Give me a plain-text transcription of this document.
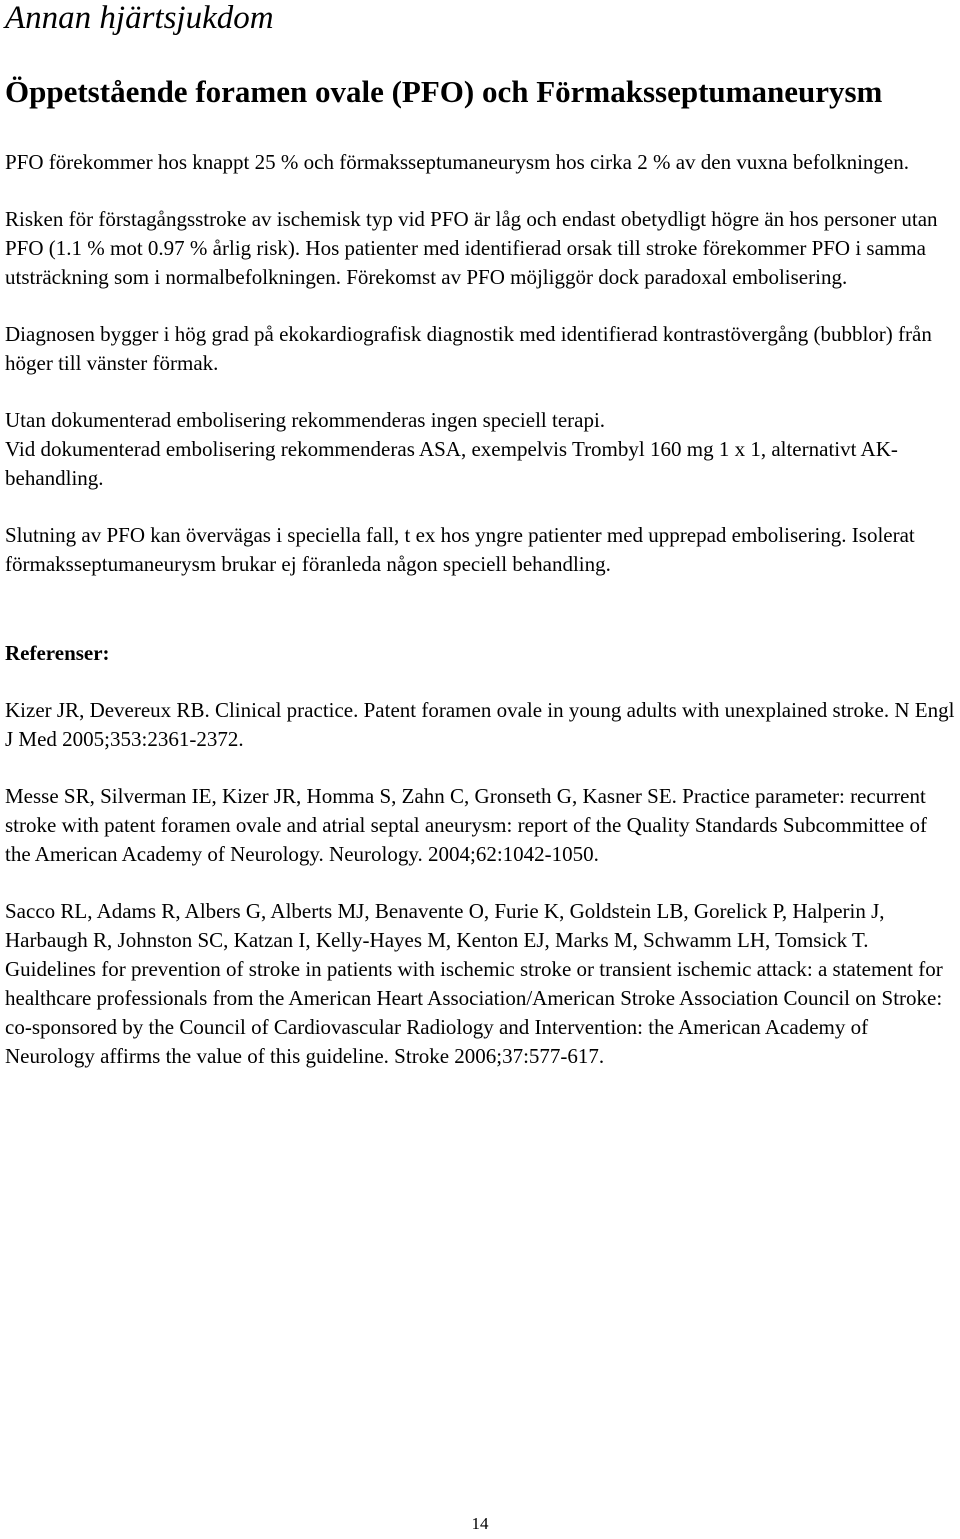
Annan hjärtsjukdom
Öppetstående foramen ovale (PFO) och Förmaksseptumaneurysm

PFO förekommer hos knappt 25 % och förmaksseptumaneurysm hos cirka 2 % av den vuxna befolkningen.

Risken för förstagångsstroke av ischemisk typ vid PFO är låg och endast obetydligt högre än hos personer utan PFO (1.1 % mot 0.97 % årlig risk). Hos patienter med identifierad orsak till stroke förekommer PFO i samma utsträckning som i normalbefolkningen. Förekomst av PFO möjliggör dock paradoxal embolisering.

Diagnosen bygger i hög grad på ekokardiografisk diagnostik med identifierad kontrastövergång (bubblor) från höger till vänster förmak.

Utan dokumenterad embolisering rekommenderas ingen speciell terapi.

Vid dokumenterad embolisering rekommenderas ASA, exempelvis Trombyl 160 mg 1 x 1, alternativt AK-behandling.

Slutning av PFO kan övervägas i speciella fall, t ex hos yngre patienter med upprepad embolisering. Isolerat förmaksseptumaneurysm brukar ej föranleda någon speciell behandling.

Referenser:

Kizer JR, Devereux RB. Clinical practice. Patent foramen ovale in young adults with unexplained stroke. N Engl J Med 2005;353:2361-2372.

Messe SR, Silverman IE, Kizer JR, Homma S, Zahn C, Gronseth G, Kasner SE. Practice parameter: recurrent stroke with patent foramen ovale and atrial septal aneurysm: report of the Quality Standards Subcommittee of the American Academy of Neurology. Neurology. 2004;62:1042-1050.

Sacco RL, Adams R, Albers G, Alberts MJ, Benavente O, Furie K, Goldstein LB, Gorelick P, Halperin J, Harbaugh R, Johnston SC, Katzan I, Kelly-Hayes M, Kenton EJ, Marks M, Schwamm LH, Tomsick T. Guidelines for prevention of stroke in patients with ischemic stroke or transient ischemic attack: a statement for healthcare professionals from the American Heart Association/American Stroke Association Council on Stroke: co-sponsored by the Council of Cardiovascular Radiology and Intervention: the American Academy of Neurology affirms the value of this guideline. Stroke 2006;37:577-617.

14
